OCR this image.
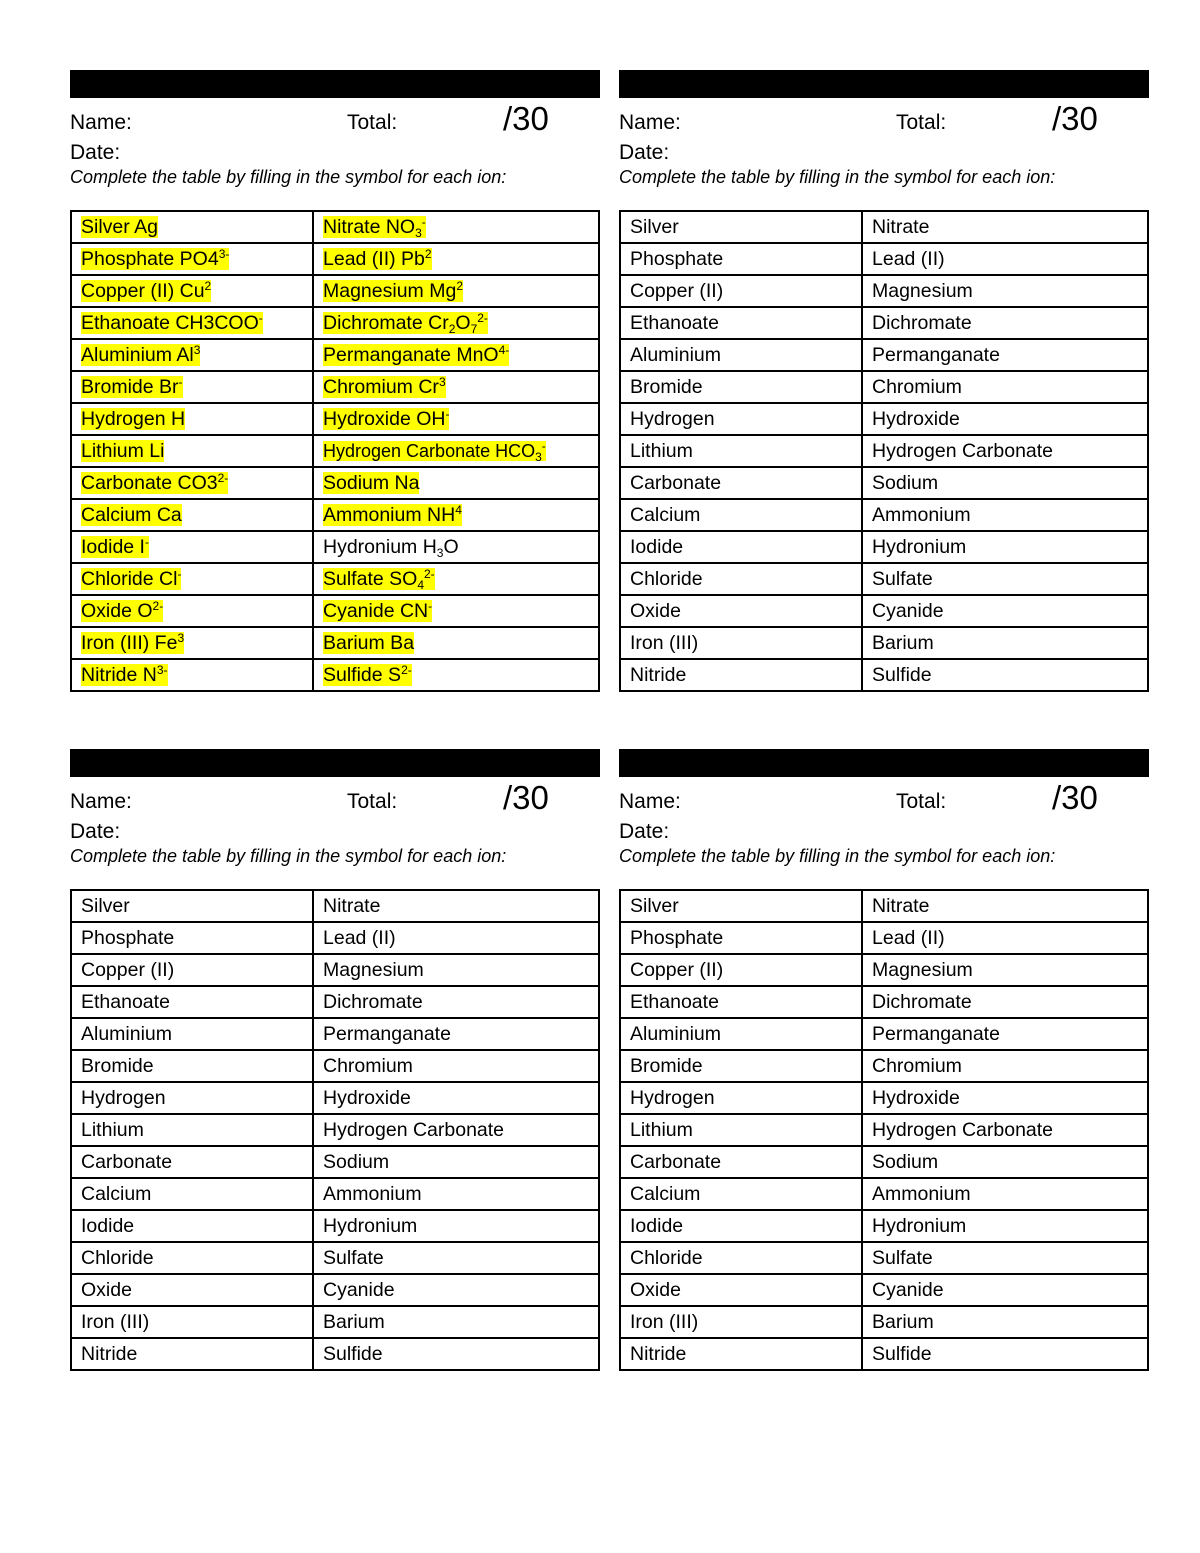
Name:	Total:	/30
Date:
Complete the table by filling in the symbol for each ion:
Silver Ag	Nitrate $NO_3^-$
Phosphate $PO4^{3-}$	Lead (II) Pb$^2$
Copper (II) Cu$^2$	Magnesium Mg$^2$
Ethanoate CH3COO-	Dichromate $Cr_2O_7^{2-}$
Aluminium Al$^3$	Permanganate MnO$^{4-}$
Bromide Br-	Chromium Cr$^3$
Hydrogen H	Hydroxide OH-
Lithium Li	Hydrogen Carbonate $HCO_3^-$
Carbonate $CO3^{2-}$	Sodium Na
Calcium Ca	Ammonium $NH^4$
Iodide I-	Hydronium $H_3O$
Chloride Cl-	Sulfate $SO_4^{2-}$
Oxide $O^{2-}$	Cyanide CN-
Iron (III) Fe$^3$	Barium Ba
Nitride $N^{3-}$	Sulfide $S^{2-}$
Name:	Total:	/30
Date:
Complete the table by filling in the symbol for each ion:
Silver	Nitrate
Phosphate	Lead (II)
Copper (II)	Magnesium
Ethanoate	Dichromate
Aluminium	Permanganate
Bromide	Chromium
Hydrogen	Hydroxide
Lithium	Hydrogen Carbonate
Carbonate	Sodium
Calcium	Ammonium
Iodide	Hydronium
Chloride	Sulfate
Oxide	Cyanide
Iron (III)	Barium
Nitride	Sulfide
Name:	Total:	/30
Date:
Complete the table by filling in the symbol for each ion:
Silver	Nitrate
Phosphate	Lead (II)
Copper (II)	Magnesium
Ethanoate	Dichromate
Aluminium	Permanganate
Bromide	Chromium
Hydrogen	Hydroxide
Lithium	Hydrogen Carbonate
Carbonate	Sodium
Calcium	Ammonium
Iodide	Hydronium
Chloride	Sulfate
Oxide	Cyanide
Iron (III)	Barium
Nitride	Sulfide
Name:	Total:	/30
Date:
Complete the table by filling in the symbol for each ion:
Silver	Nitrate
Phosphate	Lead (II)
Copper (II)	Magnesium
Ethanoate	Dichromate
Aluminium	Permanganate
Bromide	Chromium
Hydrogen	Hydroxide
Lithium	Hydrogen Carbonate
Carbonate	Sodium
Calcium	Ammonium
Iodide	Hydronium
Chloride	Sulfate
Oxide	Cyanide
Iron (III)	Barium
Nitride	Sulfide
